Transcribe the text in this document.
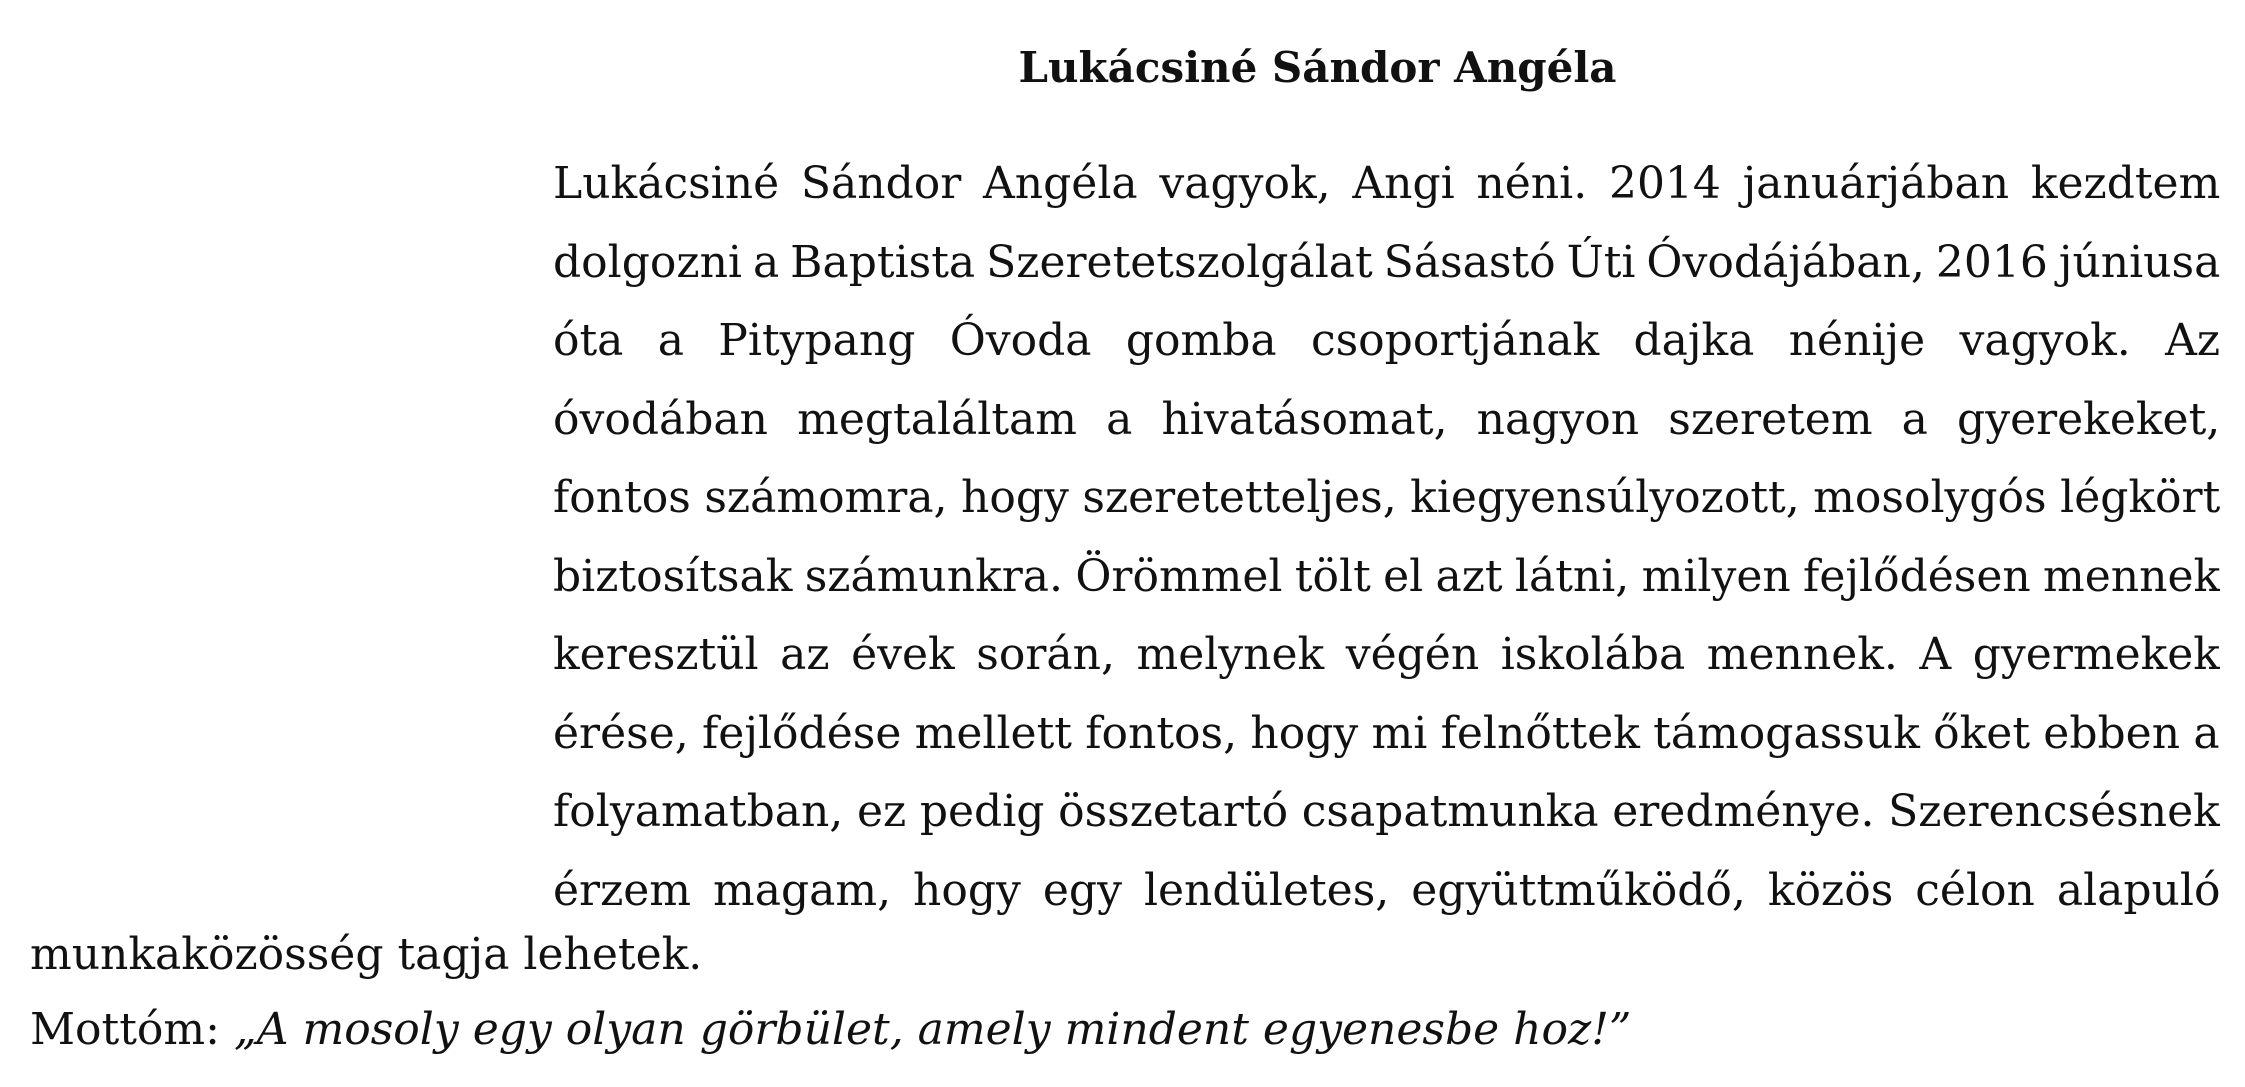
Lukácsiné Sándor Angéla
Lukácsiné Sándor Angéla vagyok, Angi néni. 2014 januárjában kezdtem
dolgozni a Baptista Szeretetszolgálat Sásastó Úti Óvodájában, 2016 júniusa
óta a Pitypang Óvoda gomba csoportjának dajka nénije vagyok. Az
óvodában megtaláltam a hivatásomat, nagyon szeretem a gyerekeket,
fontos számomra, hogy szeretetteljes, kiegyensúlyozott, mosolygós légkört
biztosítsak számunkra. Örömmel tölt el azt látni, milyen fejlődésen mennek
keresztül az évek során, melynek végén iskolába mennek. A gyermekek
érése, fejlődése mellett fontos, hogy mi felnőttek támogassuk őket ebben a
folyamatban, ez pedig összetartó csapatmunka eredménye. Szerencsésnek
érzem magam, hogy egy lendületes, együttműködő, közös célon alapuló
munkaközösség tagja lehetek.
Mottóm: „A mosoly egy olyan görbület, amely mindent egyenesbe hoz!”
